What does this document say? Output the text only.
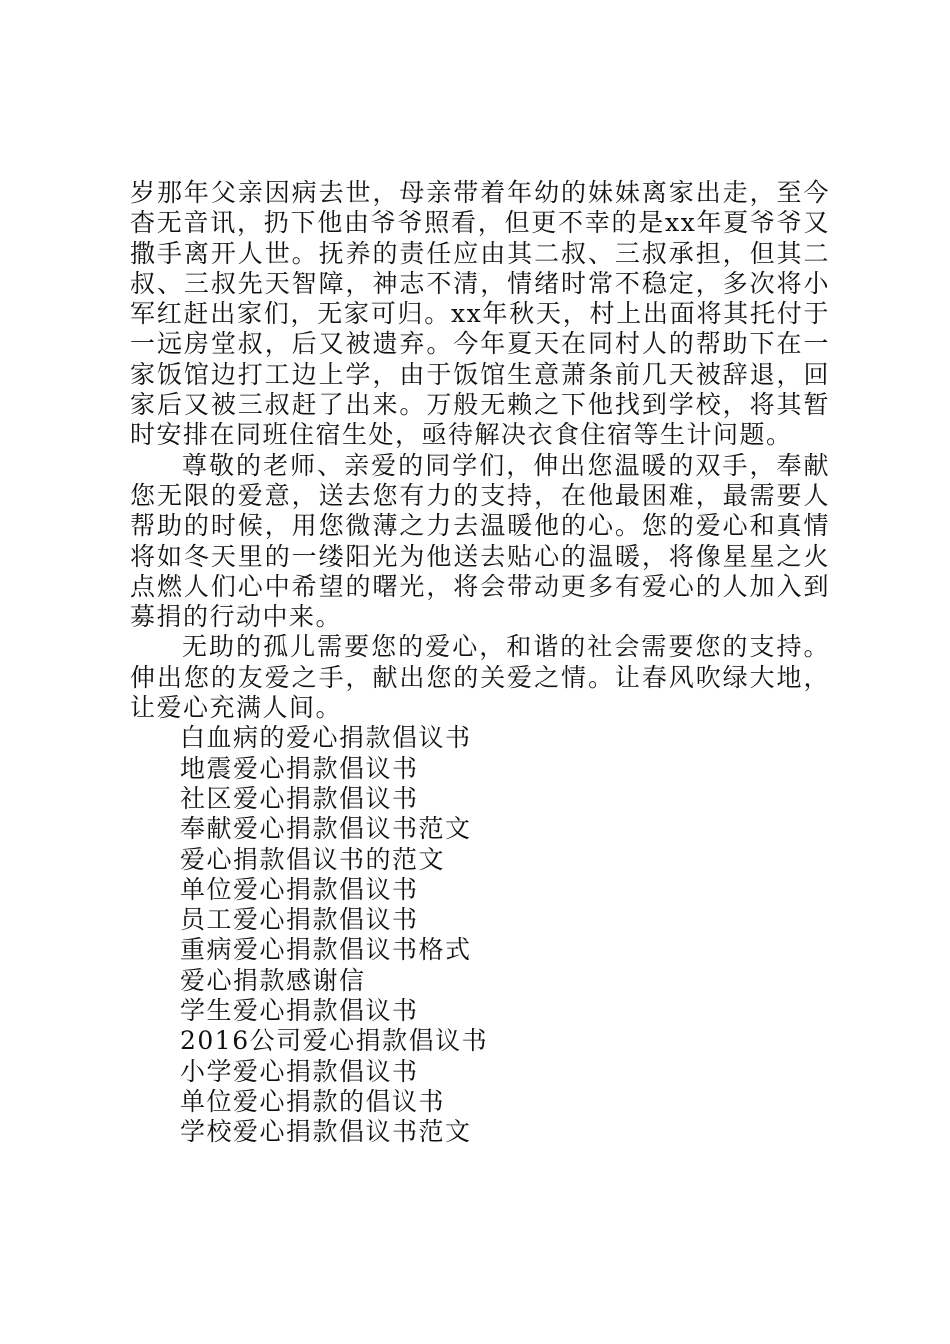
岁那年父亲因病去世，母亲带着年幼的妹妹离家出走，至今杳无音讯，扔下他由爷爷照看，但更不幸的是xx年夏爷爷又撒手离开人世。抚养的责任应由其二叔、三叔承担，但其二叔、三叔先天智障，神志不清，情绪时常不稳定，多次将小军红赶出家们，无家可归。xx年秋天，村上出面将其托付于一远房堂叔，后又被遗弃。今年夏天在同村人的帮助下在一家饭馆边打工边上学，由于饭馆生意萧条前几天被辞退，回家后又被三叔赶了出来。万般无赖之下他找到学校，将其暂时安排在同班住宿生处，亟待解决衣食住宿等生计问题。

尊敬的老师、亲爱的同学们，伸出您温暖的双手，奉献您无限的爱意，送去您有力的支持，在他最困难，最需要人帮助的时候，用您微薄之力去温暖他的心。您的爱心和真情将如冬天里的一缕阳光为他送去贴心的温暖，将像星星之火点燃人们心中希望的曙光，将会带动更多有爱心的人加入到募捐的行动中来。

无助的孤儿需要您的爱心，和谐的社会需要您的支持。伸出您的友爱之手，献出您的关爱之情。让春风吹绿大地，让爱心充满人间。

白血病的爱心捐款倡议书
地震爱心捐款倡议书
社区爱心捐款倡议书
奉献爱心捐款倡议书范文
爱心捐款倡议书的范文
单位爱心捐款倡议书
员工爱心捐款倡议书
重病爱心捐款倡议书格式
爱心捐款感谢信
学生爱心捐款倡议书
2016公司爱心捐款倡议书
小学爱心捐款倡议书
单位爱心捐款的倡议书
学校爱心捐款倡议书范文
